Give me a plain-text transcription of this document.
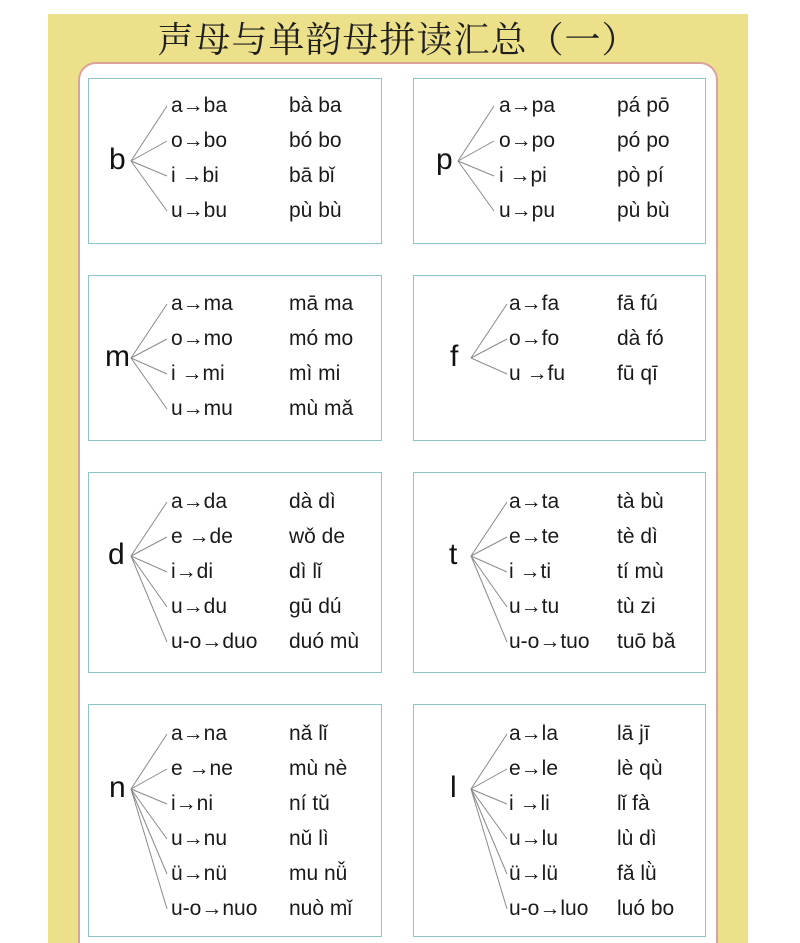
声母与单韵母拼读汇总（一）
b
a→ba	bà ba
o→bo	bó bo
i →bi	bā bǐ
u→bu	pù bù
p
a→pa	pá pō
o→po	pó po
i →pi	pò pí
u→pu	pù bù
m
a→ma	mā ma
o→mo	mó mo
i →mi	mì mi
u→mu	mù mǎ
f
a→fa	fā fú
o→fo	dà fó
u →fu fū qī
d
a→da	dà dì
e →de	wǒ de
i→di	dì lǐ
u→du	gū dú
u-o→duo duó mù
t
a→ta	tà bù
e→te	tè dì
i →ti	tí mù
u→tu	tù zi
u-o→tuo tuō bǎ
n
a→na	nǎ lǐ
e →ne	mù nè
i→ni	ní tǔ
u→nu	nǔ lì
ü→nü	mu nǚ
u-o→nuo nuò mǐ
l
a→la	lā jī
e→le	lè qù
i →li	lǐ fà
u→lu	lù dì
ü→lü	fǎ lǜ
u-o→luo luó bo
